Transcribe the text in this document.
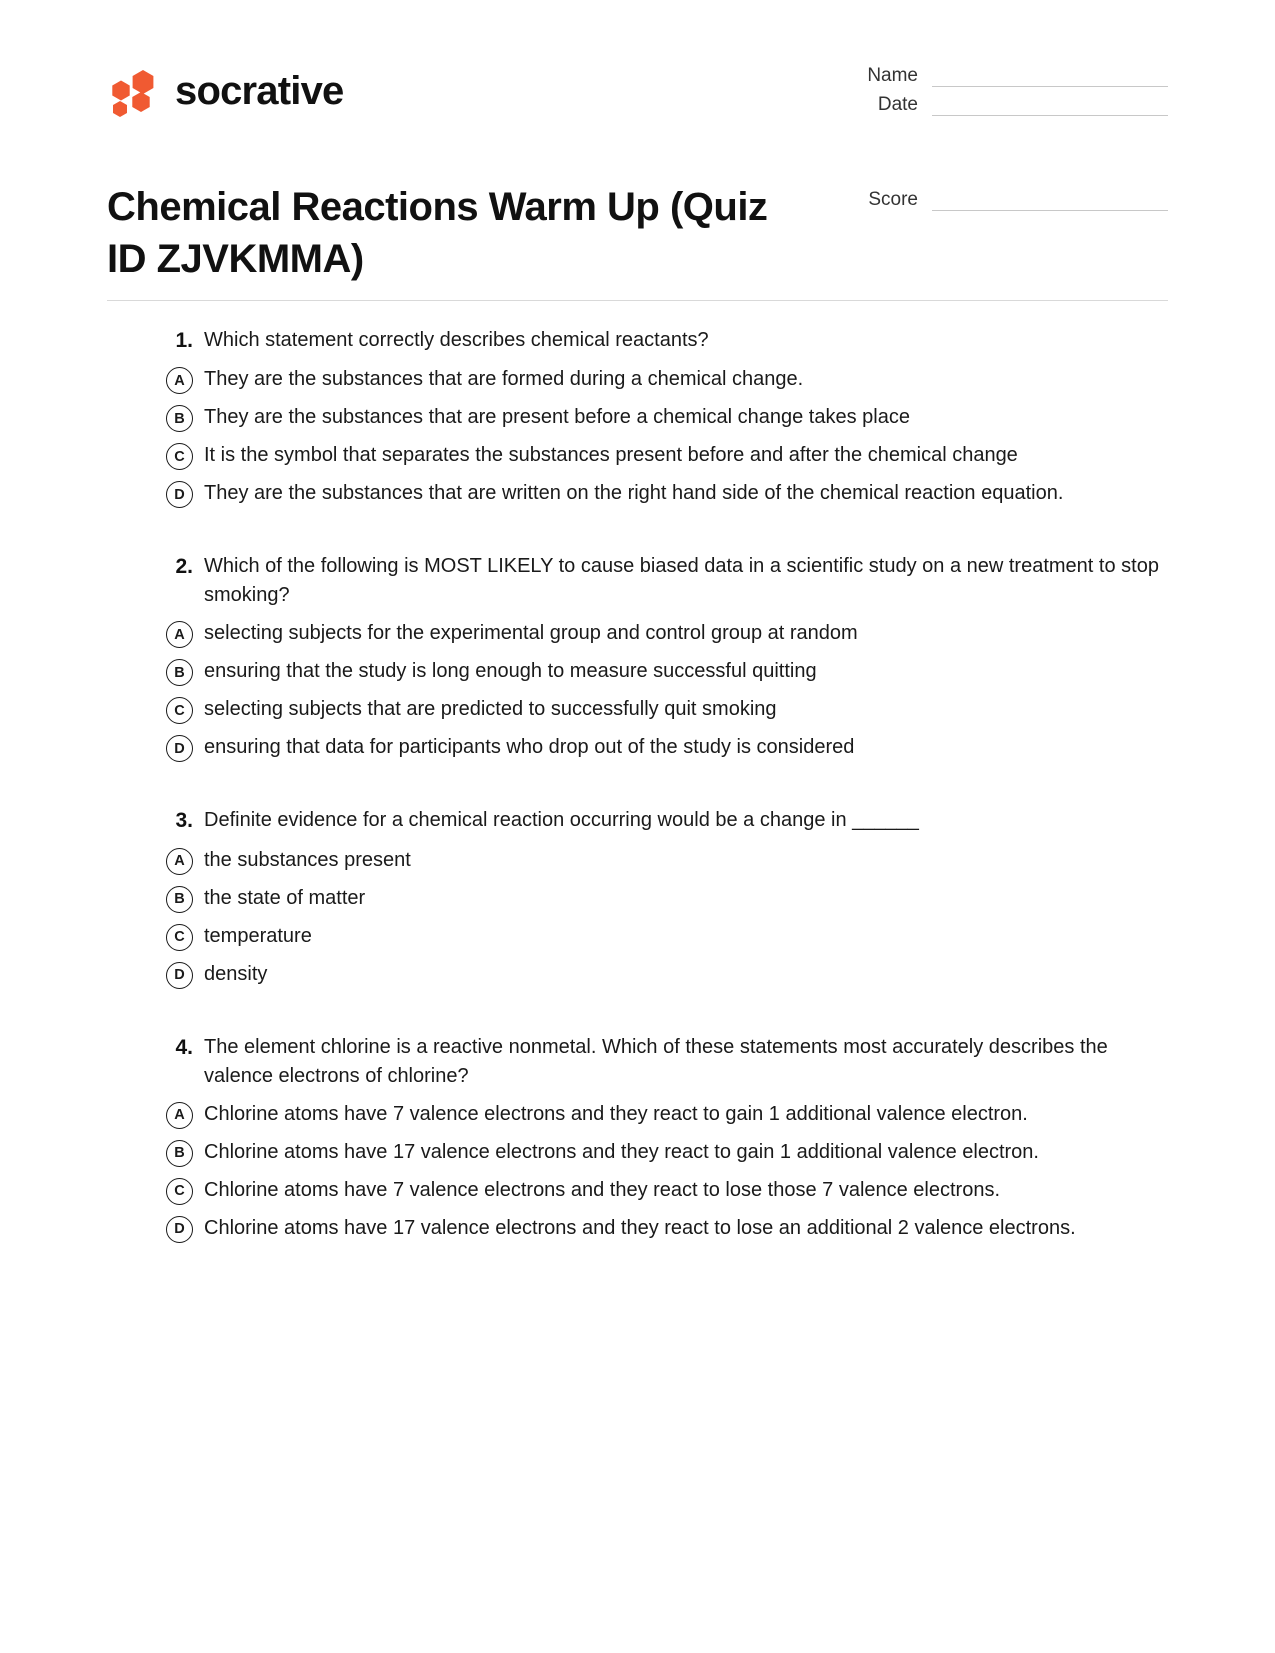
socrative	Name
Date
Score
Chemical Reactions Warm Up (Quiz ID ZJVKMMA)
1. Which statement correctly describes chemical reactants?
A They are the substances that are formed during a chemical change.
B They are the substances that are present before a chemical change takes place
C It is the symbol that separates the substances present before and after the chemical change
D They are the substances that are written on the right hand side of the chemical reaction equation.
2. Which of the following is MOST LIKELY to cause biased data in a scientific study on a new treatment to stop smoking?
A selecting subjects for the experimental group and control group at random
B ensuring that the study is long enough to measure successful quitting
C selecting subjects that are predicted to successfully quit smoking
D ensuring that data for participants who drop out of the study is considered
3. Definite evidence for a chemical reaction occurring would be a change in ______
A the substances present
B the state of matter
C temperature
D density
4. The element chlorine is a reactive nonmetal. Which of these statements most accurately describes the valence electrons of chlorine?
A Chlorine atoms have 7 valence electrons and they react to gain 1 additional valence electron.
B Chlorine atoms have 17 valence electrons and they react to gain 1 additional valence electron.
C Chlorine atoms have 7 valence electrons and they react to lose those 7 valence electrons.
D Chlorine atoms have 17 valence electrons and they react to lose an additional 2 valence electrons.
